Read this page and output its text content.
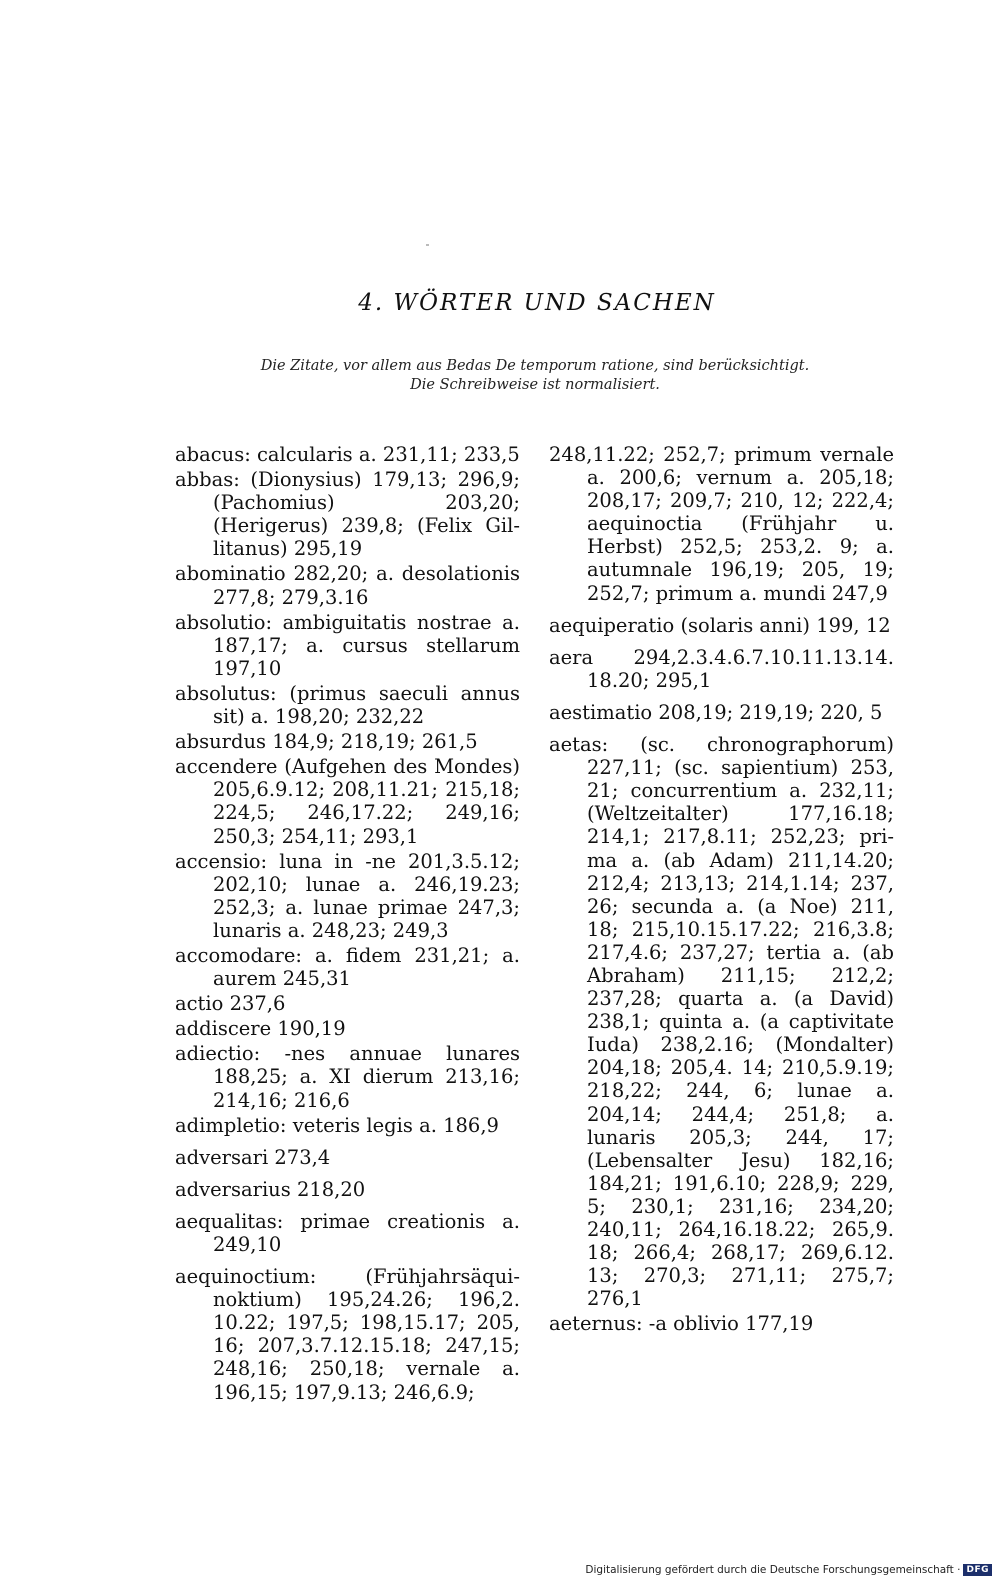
4. WÖRTER UND SACHEN
Die Zitate, vor allem aus Bedas De temporum ratione, sind berücksichtigt.
Die Schreibweise ist normalisiert.
abacus: calcularis a. 231,11; 233,5
abbas: (Dionysius) 179,13; 296,9; (Pachomius) 203,20; (Herigerus) 239,8; (Felix Gillitanus) 295,19
abominatio 282,20; a. desolationis 277,8; 279,3.16
absolutio: ambiguitatis nostrae a. 187,17; a. cursus stellarum 197,10
absolutus: (primus saeculi annus sit) a. 198,20; 232,22
absurdus 184,9; 218,19; 261,5
accendere (Aufgehen des Mondes) 205,6.9.12; 208,11.21; 215,18; 224,5; 246,17.22; 249,16; 250,3; 254,11; 293,1
accensio: luna in -ne 201,3.5.12; 202,10; lunae a. 246,19.23; 252,3; a. lunae primae 247,3; lunaris a. 248,23; 249,3
accomodare: a. fidem 231,21; a. aurem 245,31
actio 237,6
addiscere 190,19
adiectio: -nes annuae lunares 188,25; a. XI dierum 213,16; 214,16; 216,6
adimpletio: veteris legis a. 186,9
adversari 273,4
adversarius 218,20
aequalitas: primae creationis a. 249,10
aequinoctium:	(Frühjahrsäquinoktium) 195,24.26; 196,2. 10.22; 197,5; 198,15.17; 205, 16; 207,3.7.12.15.18; 247,15; 248,16; 250,18; vernale a. 196,15; 197,9.13; 246,6.9;
248,11.22; 252,7; primum vernale a. 200,6; vernum a. 205,18; 208,17; 209,7; 210, 12; 222,4; aequinoctia (Frühjahr u. Herbst) 252,5; 253,2. 9; a. autumnale 196,19; 205, 19; 252,7; primum a. mundi 247,9
aequiperatio (solaris anni) 199, 12
aera 294,2.3.4.6.7.10.11.13.14. 18.20; 295,1
aestimatio 208,19; 219,19; 220, 5
aetas: (sc. chronographorum) 227,11; (sc. sapientium) 253, 21; concurrentium a. 232,11; (Weltzeitalter) 177,16.18; 214,1; 217,8.11; 252,23; prima a. (ab Adam) 211,14.20; 212,4; 213,13; 214,1.14; 237, 26; secunda a. (a Noe) 211, 18; 215,10.15.17.22; 216,3.8; 217,4.6; 237,27; tertia a. (ab Abraham) 211,15; 212,2; 237,28; quarta a. (a David) 238,1; quinta a. (a captivitate Iuda) 238,2.16; (Mondalter) 204,18; 205,4. 14; 210,5.9.19; 218,22; 244, 6; lunae a. 204,14; 244,4; 251,8; a. lunaris 205,3; 244, 17; (Lebensalter Jesu) 182,16; 184,21; 191,6.10; 228,9; 229, 5; 230,1; 231,16; 234,20; 240,11; 264,16.18.22; 265,9. 18; 266,4; 268,17; 269,6.12. 13; 270,3; 271,11; 275,7; 276,1
aeternus: -a oblivio 177,19
Digitalisierung gefördert durch die Deutsche Forschungsgemeinschaft · DFG
